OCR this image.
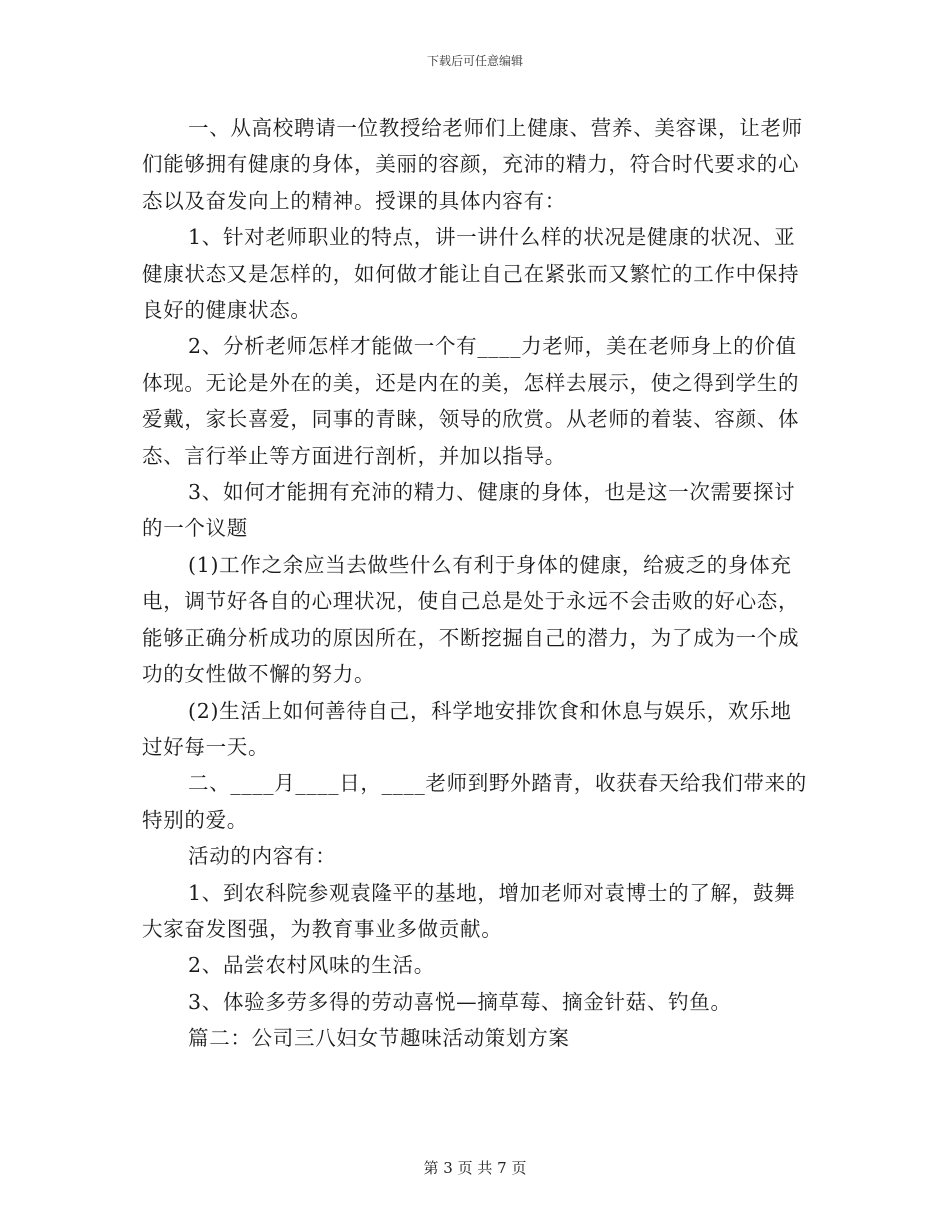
下载后可任意编辑

一、从高校聘请一位教授给老师们上健康、营养、美容课，让老师们能够拥有健康的身体，美丽的容颜，充沛的精力，符合时代要求的心态以及奋发向上的精神。授课的具体内容有：

1、针对老师职业的特点，讲一讲什么样的状况是健康的状况、亚健康状态又是怎样的，如何做才能让自己在紧张而又繁忙的工作中保持良好的健康状态。

2、分析老师怎样才能做一个有____力老师，美在老师身上的价值体现。无论是外在的美，还是内在的美，怎样去展示，使之得到学生的爱戴，家长喜爱，同事的青睐，领导的欣赏。从老师的着装、容颜、体态、言行举止等方面进行剖析，并加以指导。

3、如何才能拥有充沛的精力、健康的身体，也是这一次需要探讨的一个议题

(1)工作之余应当去做些什么有利于身体的健康，给疲乏的身体充电，调节好各自的心理状况，使自己总是处于永远不会击败的好心态，能够正确分析成功的原因所在，不断挖掘自己的潜力，为了成为一个成功的女性做不懈的努力。

(2)生活上如何善待自己，科学地安排饮食和休息与娱乐，欢乐地过好每一天。

二、____月____日，____老师到野外踏青，收获春天给我们带来的特别的爱。

活动的内容有：

1、到农科院参观袁隆平的基地，增加老师对袁博士的了解，鼓舞大家奋发图强，为教育事业多做贡献。

2、品尝农村风味的生活。

3、体验多劳多得的劳动喜悦—摘草莓、摘金针菇、钓鱼。

篇二：公司三八妇女节趣味活动策划方案

第 3 页 共 7 页
